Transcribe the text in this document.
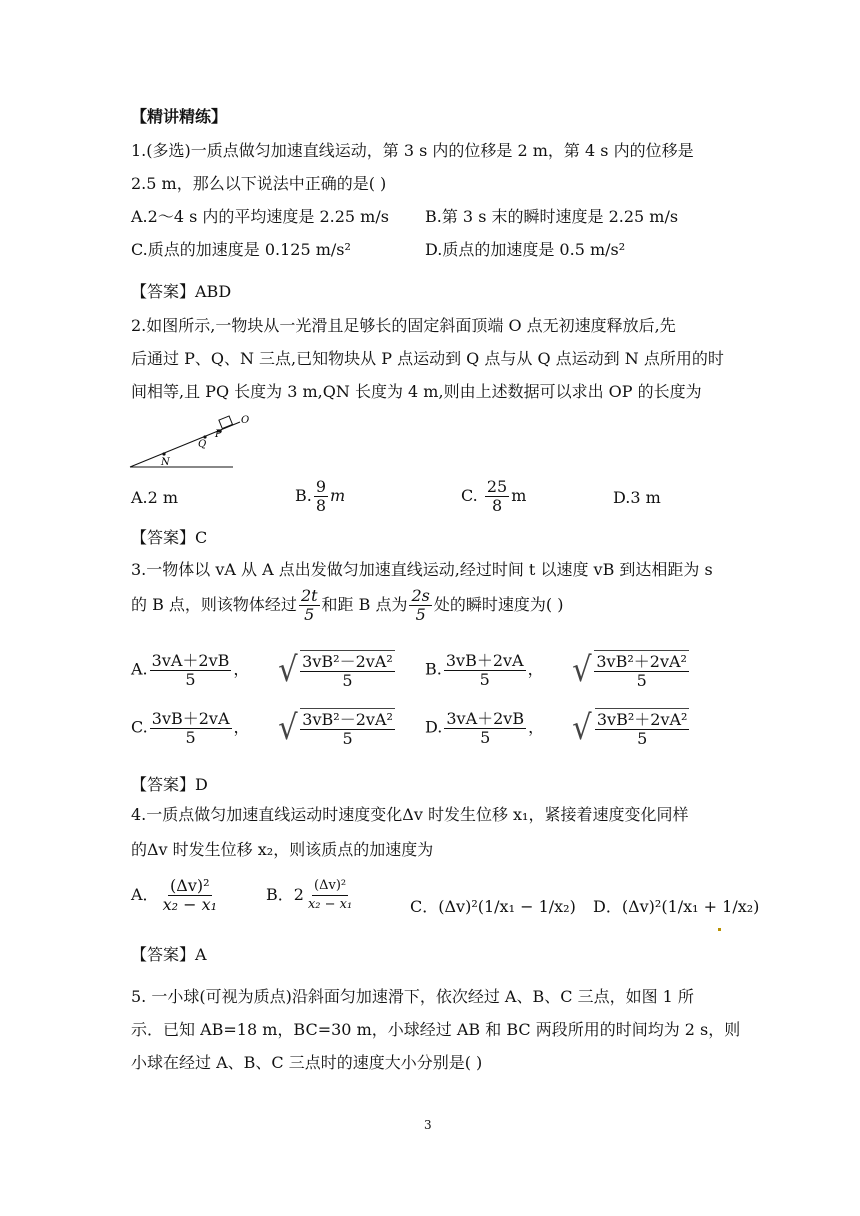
【精讲精练】
1.(多选)一质点做匀加速直线运动，第 3 s 内的位移是 2 m，第 4 s 内的位移是
2.5 m，那么以下说法中正确的是( )
A.2～4 s 内的平均速度是 2.25 m/s B.第 3 s 末的瞬时速度是 2.25 m/s
C.质点的加速度是 0.125 m/s²	D.质点的加速度是 0.5 m/s²
【答案】ABD
2.如图所示,一物块从一光滑且足够长的固定斜面顶端 O 点无初速度释放后,先
后通过 P、Q、N 三点,已知物块从 P 点运动到 Q 点与从 Q 点运动到 N 点所用的时
间相等,且 PQ 长度为 3 m,QN 长度为 4 m,则由上述数据可以求出 OP 的长度为
N
Q
P
O
A.2 m	B. $\frac{9}{8}$ m	C. $\frac{25}{8}$ m	D.3 m
【答案】C
3.一物体以 vA 从 A 点出发做匀加速直线运动,经过时间 t 以速度 vB 到达相距为 s
的 B 点，则该物体经过 $\frac{2t}{5}$ 和距 B 点为 $\frac{2s}{5}$ 处的瞬时速度为( )
A. $\frac{3vA+2vB}{5}$ ， √ $\frac{\text{3vB²－2vA²}}{5} B$. $\frac{3vB+2vA}{5}$ ， √ $\frac{\text{3vB²＋2vA²}}{5}$
C. $\frac{3vB+2vA}{5}$ ， √ $\frac{\text{3vB²－2vA²}}{5} D$. $\frac{3vA+2vB}{5}$ ， √ $\frac{\text{3vB²＋2vA²}}{5}$
【答案】D
4.一质点做匀加速直线运动时速度变化Δv 时发生位移 x₁，紧接着速度变化同样
的Δv 时发生位移 x₂，则该质点的加速度为
A． $\frac{\text{(Δv)²}}{\text{x₂ − x₁}}$	B．$2 \frac{\text{(Δv)²}}{\text{x₂ − x₁}}$	C．(Δv)²(1/x₁ − 1/x₂) D．(Δv)²(1/x₁ + 1/x₂)
【答案】A
5. 一小球(可视为质点)沿斜面匀加速滑下，依次经过 A、B、C 三点，如图 1 所
示．已知 AB=18 m，BC=30 m，小球经过 AB 和 BC 两段所用的时间均为 2 s，则
小球在经过 A、B、C 三点时的速度大小分别是( )
3
